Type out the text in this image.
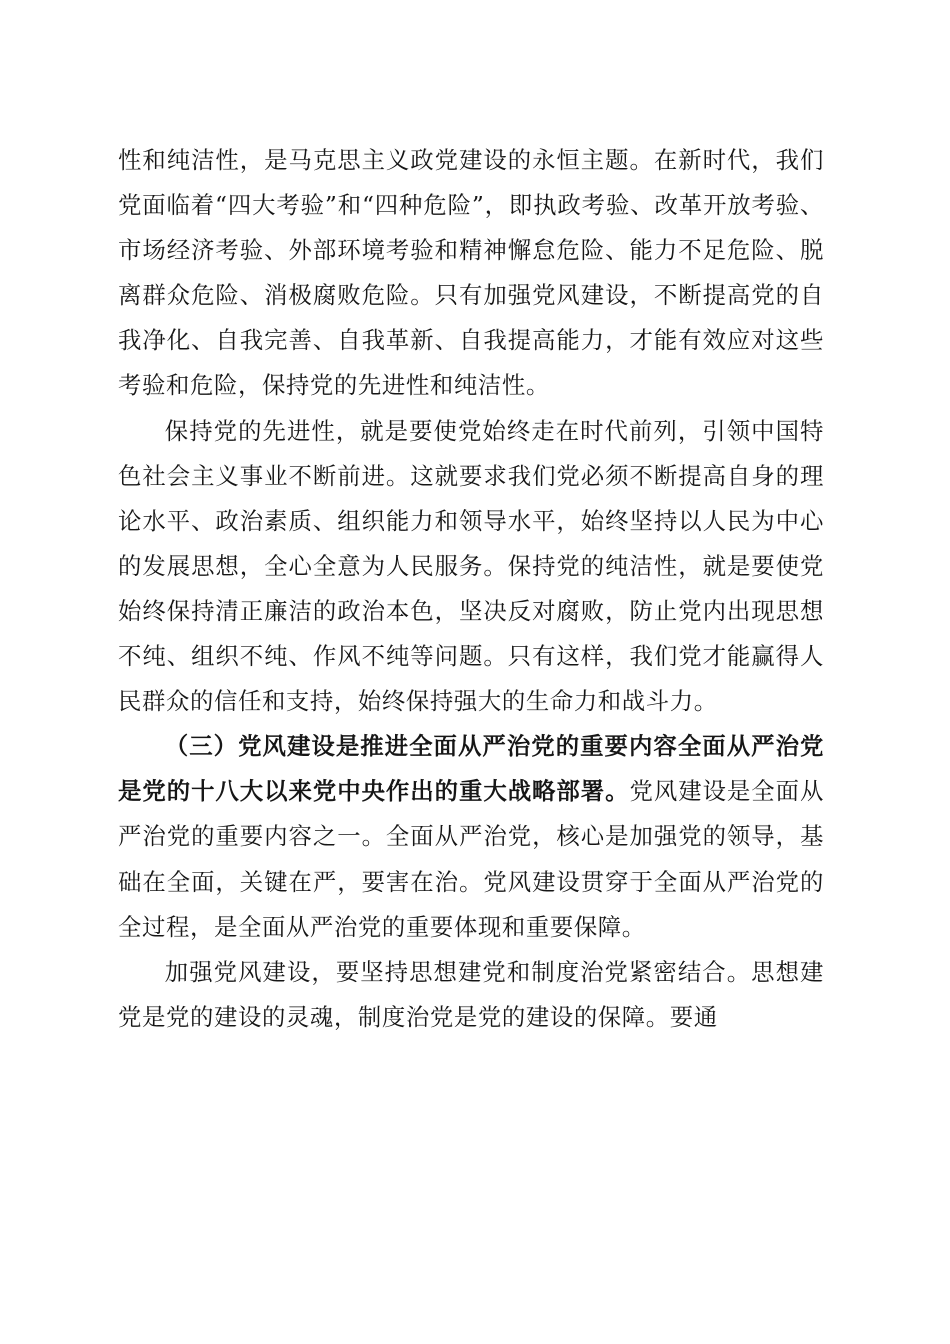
性和纯洁性，是马克思主义政党建设的永恒主题。在新时代，我们党面临着“四大考验”和“四种危险”，即执政考验、改革开放考验、市场经济考验、外部环境考验和精神懈怠危险、能力不足危险、脱离群众危险、消极腐败危险。只有加强党风建设，不断提高党的自我净化、自我完善、自我革新、自我提高能力，才能有效应对这些考验和危险，保持党的先进性和纯洁性。

保持党的先进性，就是要使党始终走在时代前列，引领中国特色社会主义事业不断前进。这就要求我们党必须不断提高自身的理论水平、政治素质、组织能力和领导水平，始终坚持以人民为中心的发展思想，全心全意为人民服务。保持党的纯洁性，就是要使党始终保持清正廉洁的政治本色，坚决反对腐败，防止党内出现思想不纯、组织不纯、作风不纯等问题。只有这样，我们党才能赢得人民群众的信任和支持，始终保持强大的生命力和战斗力。

（三）党风建设是推进全面从严治党的重要内容全面从严治党是党的十八大以来党中央作出的重大战略部署。党风建设是全面从严治党的重要内容之一。全面从严治党，核心是加强党的领导，基础在全面，关键在严，要害在治。党风建设贯穿于全面从严治党的全过程，是全面从严治党的重要体现和重要保障。

加强党风建设，要坚持思想建党和制度治党紧密结合。思想建党是党的建设的灵魂，制度治党是党的建设的保障。要通
